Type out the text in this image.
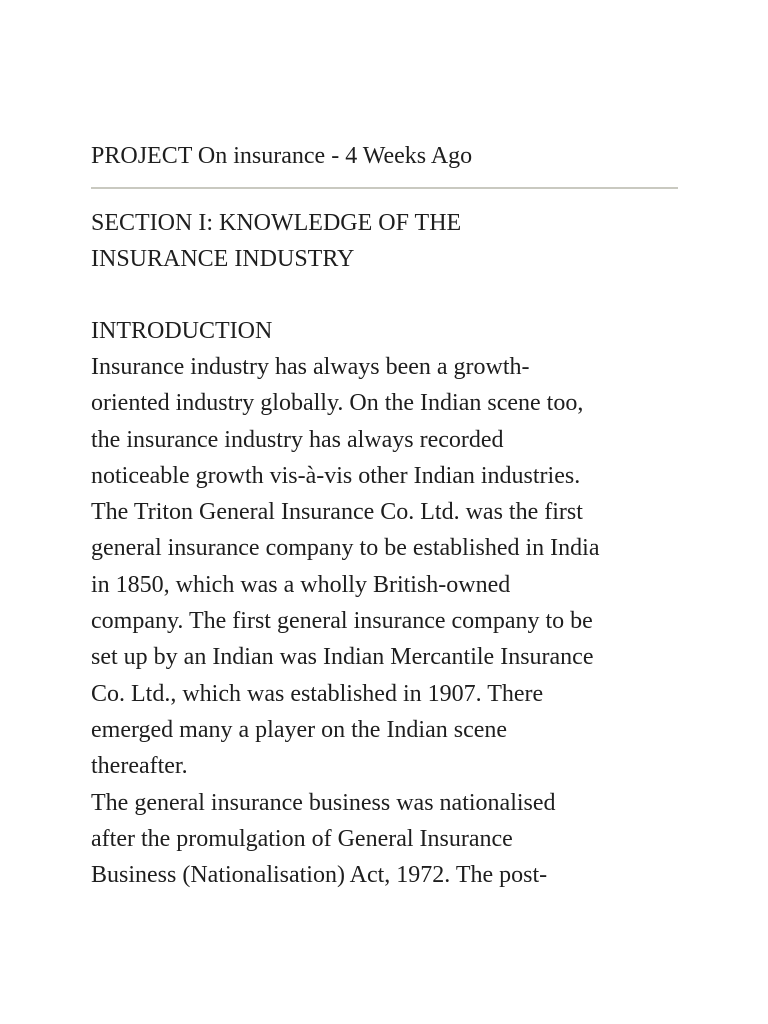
PROJECT On insurance - 4 Weeks Ago

SECTION I: KNOWLEDGE OF THE
INSURANCE INDUSTRY
INTRODUCTION

Insurance industry has always been a growth-
oriented industry globally. On the Indian scene too,
the insurance industry has always recorded
noticeable growth vis-à-vis other Indian industries.
The Triton General Insurance Co. Ltd. was the first
general insurance company to be established in India
in 1850, which was a wholly British-owned
company. The first general insurance company to be
set up by an Indian was Indian Mercantile Insurance
Co. Ltd., which was established in 1907. There
emerged many a player on the Indian scene
thereafter.

The general insurance business was nationalised
after the promulgation of General Insurance
Business (Nationalisation) Act, 1972. The post-
